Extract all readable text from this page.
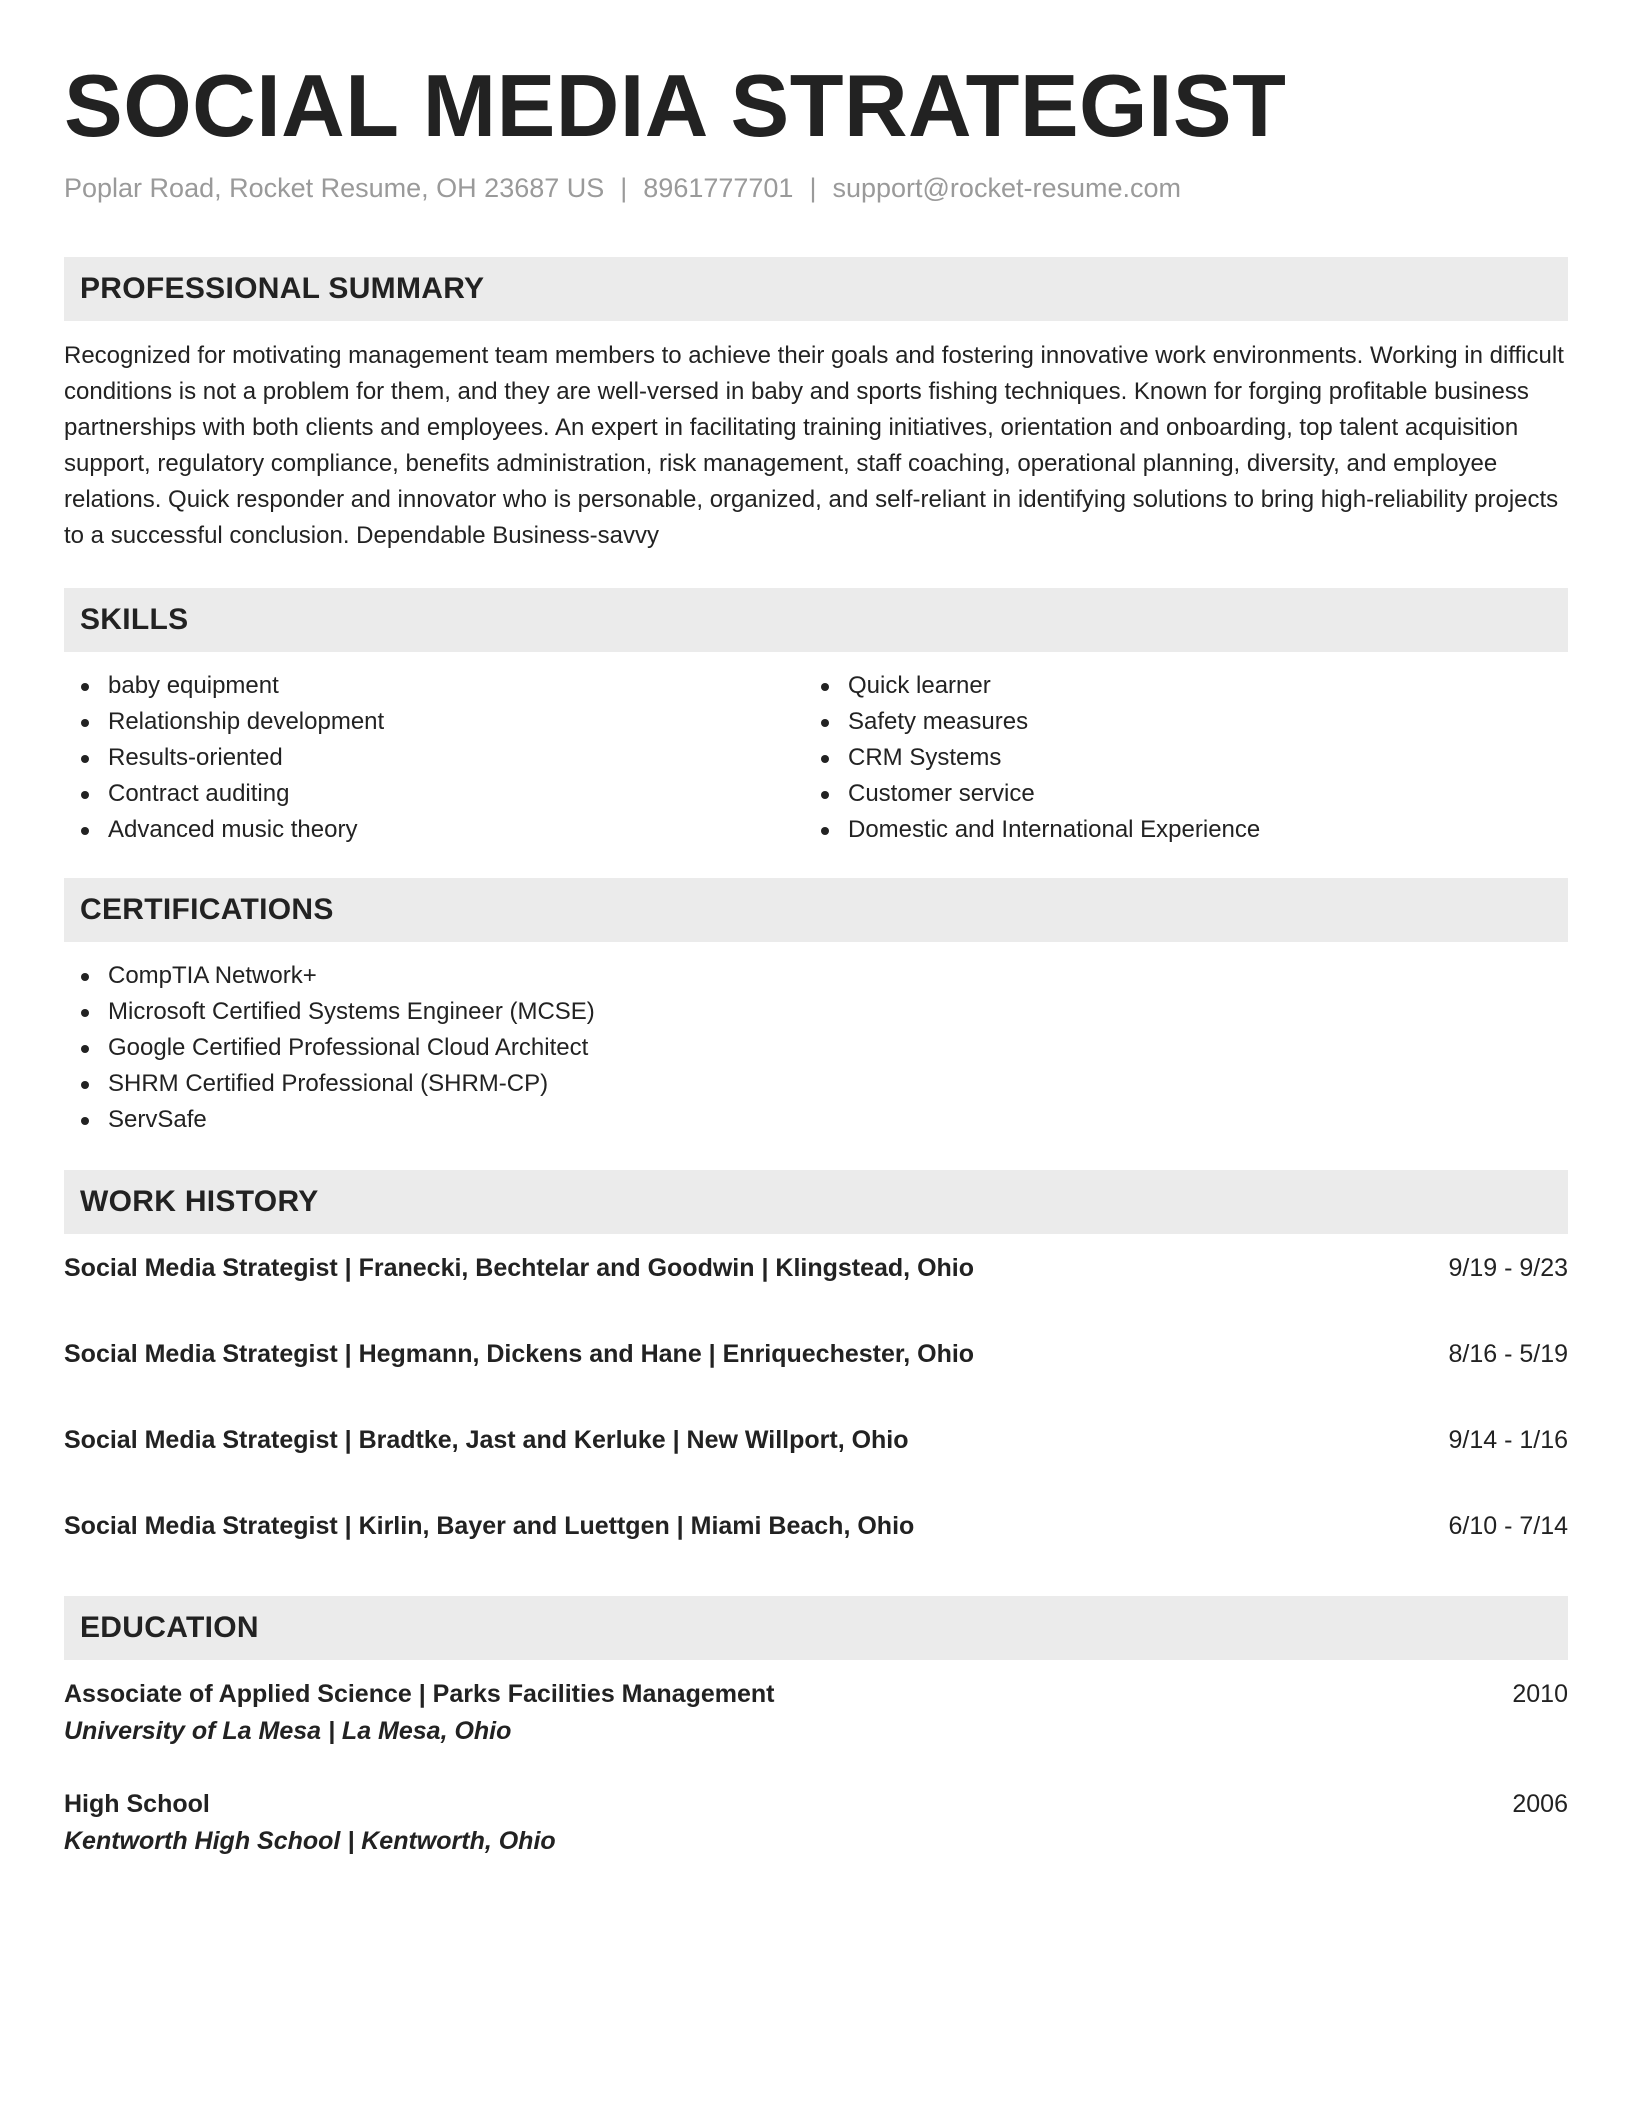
SOCIAL MEDIA STRATEGIST
Poplar Road, Rocket Resume, OH 23687 US | 8961777701 | support@rocket-resume.com
PROFESSIONAL SUMMARY
Recognized for motivating management team members to achieve their goals and fostering innovative work environments. Working in difficult conditions is not a problem for them, and they are well-versed in baby and sports fishing techniques. Known for forging profitable business partnerships with both clients and employees. An expert in facilitating training initiatives, orientation and onboarding, top talent acquisition support, regulatory compliance, benefits administration, risk management, staff coaching, operational planning, diversity, and employee relations. Quick responder and innovator who is personable, organized, and self-reliant in identifying solutions to bring high-reliability projects to a successful conclusion. Dependable Business-savvy
SKILLS
baby equipment
Relationship development
Results-oriented
Contract auditing
Advanced music theory
Quick learner
Safety measures
CRM Systems
Customer service
Domestic and International Experience
CERTIFICATIONS
CompTIA Network+
Microsoft Certified Systems Engineer (MCSE)
Google Certified Professional Cloud Architect
SHRM Certified Professional (SHRM-CP)
ServSafe
WORK HISTORY
Social Media Strategist | Franecki, Bechtelar and Goodwin | Klingstead, Ohio	9/19 - 9/23
Social Media Strategist | Hegmann, Dickens and Hane | Enriquechester, Ohio	8/16 - 5/19
Social Media Strategist | Bradtke, Jast and Kerluke | New Willport, Ohio	9/14 - 1/16
Social Media Strategist | Kirlin, Bayer and Luettgen | Miami Beach, Ohio	6/10 - 7/14
EDUCATION
Associate of Applied Science | Parks Facilities Management	2010
University of La Mesa | La Mesa, Ohio
High School	2006
Kentworth High School | Kentworth, Ohio
